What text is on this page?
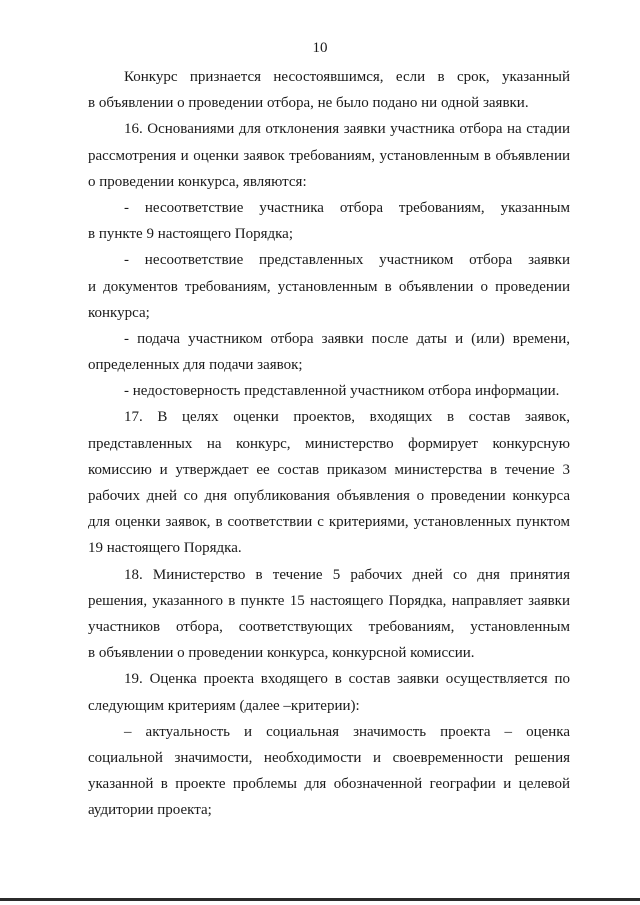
10
Конкурс признается несостоявшимся, если в срок, указанный
в объявлении о проведении отбора, не было подано ни одной заявки.
16. Основаниями для отклонения заявки участника отбора на стадии
рассмотрения и оценки заявок требованиям, установленным в объявлении
о проведении конкурса, являются:
- несоответствие участника отбора требованиям, указанным
в пункте 9 настоящего Порядка;
- несоответствие представленных участником отбора заявки
и документов требованиям, установленным в объявлении о проведении
конкурса;
- подача участником отбора заявки после даты и (или) времени,
определенных для подачи заявок;
- недостоверность представленной участником отбора информации.
17. В целях оценки проектов, входящих в состав заявок,
представленных на конкурс, министерство формирует конкурсную
комиссию и утверждает ее состав приказом министерства в течение 3
рабочих дней со дня опубликования объявления о проведении конкурса
для оценки заявок, в соответствии с критериями, установленных пунктом
19 настоящего Порядка.
18. Министерство в течение 5 рабочих дней со дня принятия
решения, указанного в пункте 15 настоящего Порядка, направляет заявки
участников отбора, соответствующих требованиям, установленным
в объявлении о проведении конкурса, конкурсной комиссии.
19. Оценка проекта входящего в состав заявки осуществляется по
следующим критериям (далее –критерии):
– актуальность и социальная значимость проекта – оценка
социальной значимости, необходимости и своевременности решения
указанной в проекте проблемы для обозначенной географии и целевой
аудитории проекта;
